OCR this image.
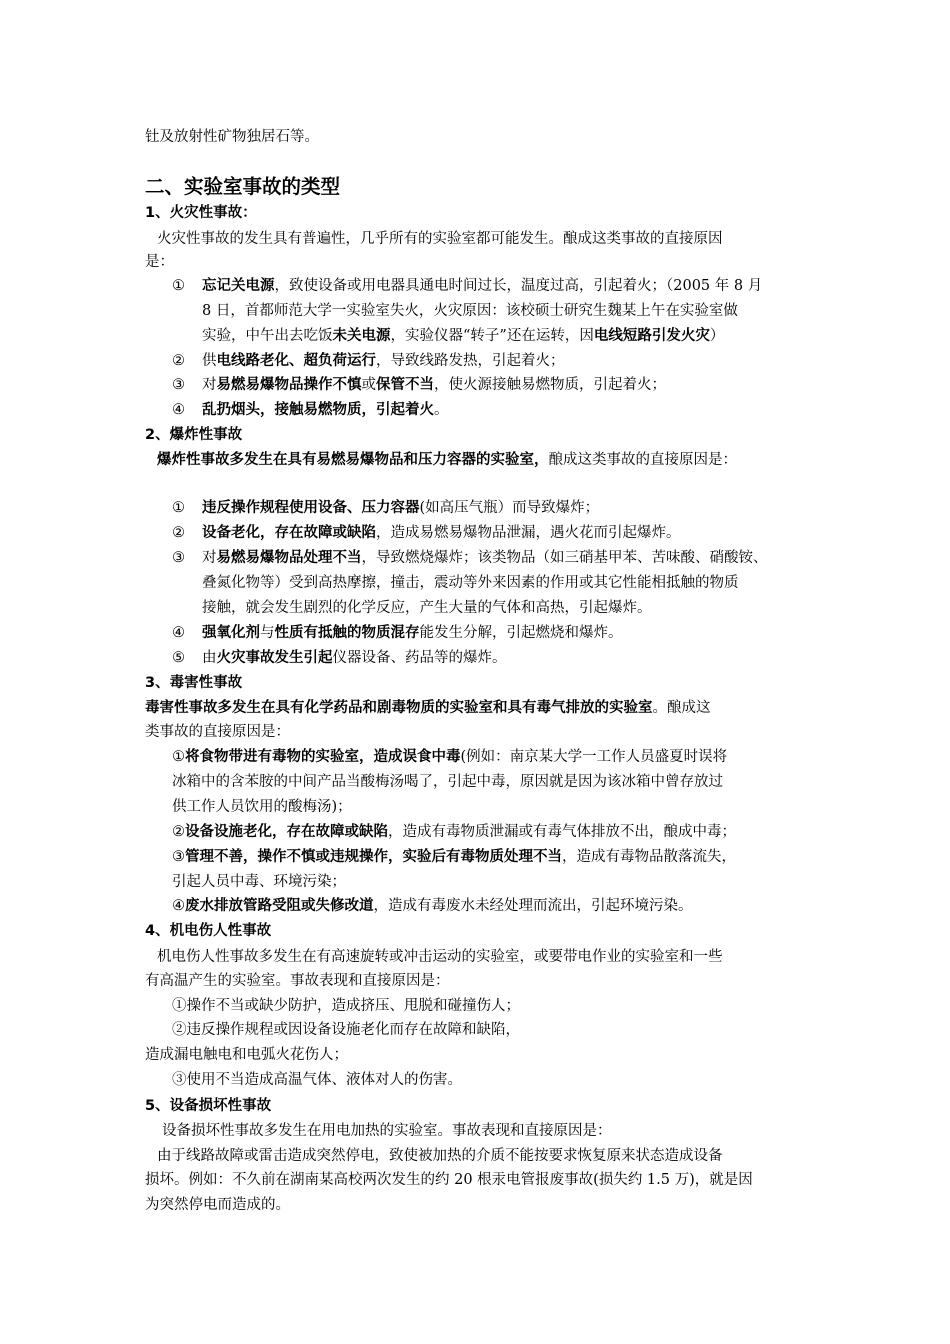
钍及放射性矿物独居石等。
二、实验室事故的类型
1、火灾性事故：
火灾性事故的发生具有普遍性，几乎所有的实验室都可能发生。酿成这类事故的直接原因
是：
① 忘记关电源，致使设备或用电器具通电时间过长，温度过高，引起着火；（2005 年 8 月
8 日，首都师范大学一实验室失火，火灾原因：该校硕士研究生魏某上午在实验室做
实验，中午出去吃饭未关电源，实验仪器“转子”还在运转，因电线短路引发火灾）
② 供电线路老化、超负荷运行，导致线路发热，引起着火；
③ 对易燃易爆物品操作不慎或保管不当，使火源接触易燃物质，引起着火；
④ 乱扔烟头，接触易燃物质，引起着火。
2、爆炸性事故
爆炸性事故多发生在具有易燃易爆物品和压力容器的实验室，酿成这类事故的直接原因是：
① 违反操作规程使用设备、压力容器(如高压气瓶）而导致爆炸；
② 设备老化，存在故障或缺陷，造成易燃易爆物品泄漏，遇火花而引起爆炸。
③ 对易燃易爆物品处理不当，导致燃烧爆炸；该类物品（如三硝基甲苯、苦味酸、硝酸铵、
叠氮化物等）受到高热摩擦，撞击，震动等外来因素的作用或其它性能相抵触的物质
接触，就会发生剧烈的化学反应，产生大量的气体和高热，引起爆炸。
④ 强氧化剂与性质有抵触的物质混存能发生分解，引起燃烧和爆炸。
⑤ 由火灾事故发生引起仪器设备、药品等的爆炸。
3、毒害性事故
毒害性事故多发生在具有化学药品和剧毒物质的实验室和具有毒气排放的实验室。酿成这
类事故的直接原因是：
①将食物带进有毒物的实验室，造成误食中毒(例如：南京某大学一工作人员盛夏时误将
冰箱中的含苯胺的中间产品当酸梅汤喝了，引起中毒，原因就是因为该冰箱中曾存放过
供工作人员饮用的酸梅汤)；
②设备设施老化，存在故障或缺陷，造成有毒物质泄漏或有毒气体排放不出，酿成中毒；
③管理不善，操作不慎或违规操作，实验后有毒物质处理不当，造成有毒物品散落流失，
引起人员中毒、环境污染；
④废水排放管路受阻或失修改道，造成有毒废水未经处理而流出，引起环境污染。
4、机电伤人性事故
机电伤人性事故多发生在有高速旋转或冲击运动的实验室，或要带电作业的实验室和一些
有高温产生的实验室。事故表现和直接原因是：
①操作不当或缺少防护，造成挤压、甩脱和碰撞伤人；
②违反操作规程或因设备设施老化而存在故障和缺陷，
造成漏电触电和电弧火花伤人；
③使用不当造成高温气体、液体对人的伤害。
5、设备损坏性事故
设备损坏性事故多发生在用电加热的实验室。事故表现和直接原因是：
由于线路故障或雷击造成突然停电，致使被加热的介质不能按要求恢复原来状态造成设备
损坏。例如：不久前在湖南某高校两次发生的约 20 根汞电管报废事故(损失约 1.5 万)，就是因
为突然停电而造成的。
